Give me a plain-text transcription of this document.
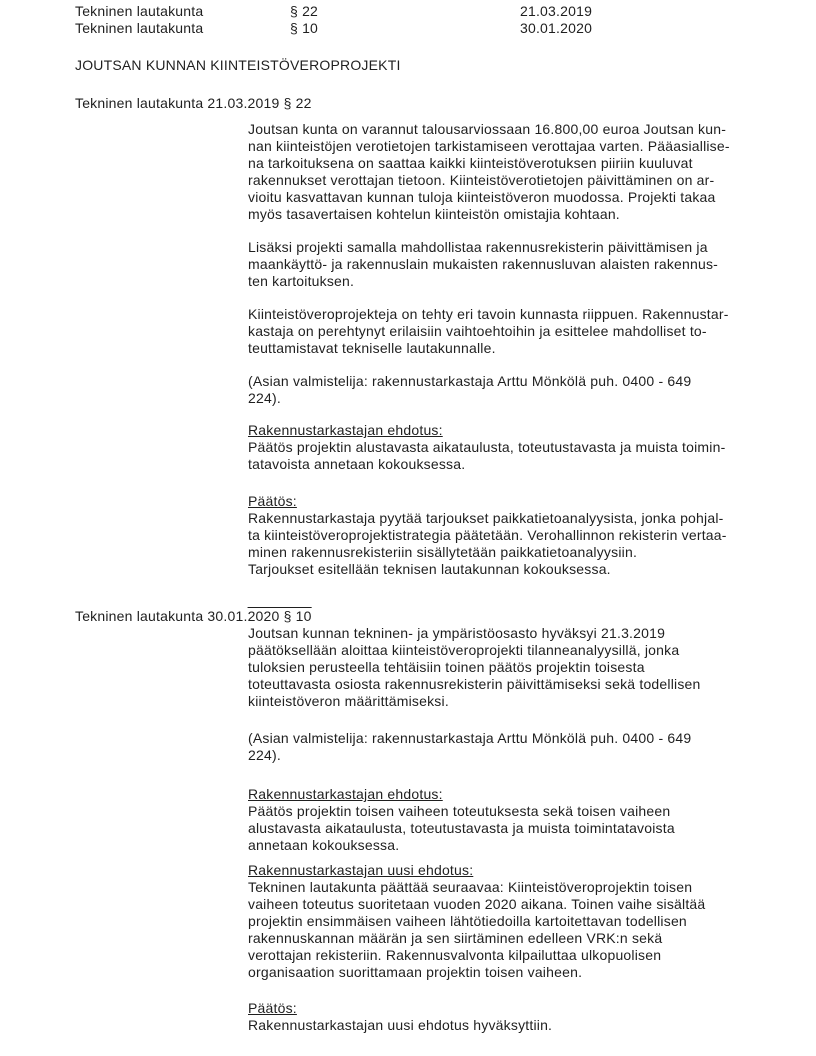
Tekninen lautakunta	§ 22	21.03.2019
Tekninen lautakunta	§ 10	30.01.2020
JOUTSAN KUNNAN KIINTEISTÖVEROPROJEKTI
Tekninen lautakunta 21.03.2019 § 22

Joutsan kunta on varannut talousarviossaan 16.800,00 euroa Joutsan kun-
nan kiinteistöjen verotietojen tarkistamiseen verottajaa varten. Pääasiallise-
na tarkoituksena on saattaa kaikki kiinteistöverotuksen piiriin kuuluvat
rakennukset verottajan tietoon. Kiinteistöverotietojen päivittäminen on ar-
vioitu kasvattavan kunnan tuloja kiinteistöveron muodossa. Projekti takaa
myös tasavertaisen kohtelun kiinteistön omistajia kohtaan.

Lisäksi projekti samalla mahdollistaa rakennusrekisterin päivittämisen ja
maankäyttö- ja rakennuslain mukaisten rakennusluvan alaisten rakennus-
ten kartoituksen.

Kiinteistöveroprojekteja on tehty eri tavoin kunnasta riippuen. Rakennustar-
kastaja on perehtynyt erilaisiin vaihtoehtoihin ja esittelee mahdolliset to-
teuttamistavat tekniselle lautakunnalle.

(Asian valmistelija: rakennustarkastaja Arttu Mönkölä puh. 0400 - 649
224).

Rakennustarkastajan ehdotus:

Päätös projektin alustavasta aikataulusta, toteutustavasta ja muista toimin-
tatavoista annetaan kokouksessa.

Päätös:

Rakennustarkastaja pyytää tarjoukset paikkatietoanalyysista, jonka pohjal-
ta kiinteistöveroprojektistrategia päätetään. Verohallinnon rekisterin vertaa-
minen rakennusrekisteriin sisällytetään paikkatietoanalyysiin.
Tarjoukset esitellään teknisen lautakunnan kokouksessa.

Tekninen lautakunta 30.01.2020 § 10

Joutsan kunnan tekninen- ja ympäristöosasto hyväksyi 21.3.2019
päätöksellään aloittaa kiinteistöveroprojekti tilanneanalyysillä, jonka
tuloksien perusteella tehtäisiin toinen päätös projektin toisesta
toteuttavasta osiosta rakennusrekisterin päivittämiseksi sekä todellisen
kiinteistöveron määrittämiseksi.

(Asian valmistelija: rakennustarkastaja Arttu Mönkölä puh. 0400 - 649
224).

Rakennustarkastajan ehdotus:

Päätös projektin toisen vaiheen toteutuksesta sekä toisen vaiheen
alustavasta aikataulusta, toteutustavasta ja muista toimintatavoista
annetaan kokouksessa.

Rakennustarkastajan uusi ehdotus:

Tekninen lautakunta päättää seuraavaa: Kiinteistöveroprojektin toisen
vaiheen toteutus suoritetaan vuoden 2020 aikana. Toinen vaihe sisältää
projektin ensimmäisen vaiheen lähtötiedoilla kartoitettavan todellisen
rakennuskannan määrän ja sen siirtäminen edelleen VRK:n sekä
verottajan rekisteriin. Rakennusvalvonta kilpailuttaa ulkopuolisen
organisaation suorittamaan projektin toisen vaiheen.

Päätös:

Rakennustarkastajan uusi ehdotus hyväksyttiin.
